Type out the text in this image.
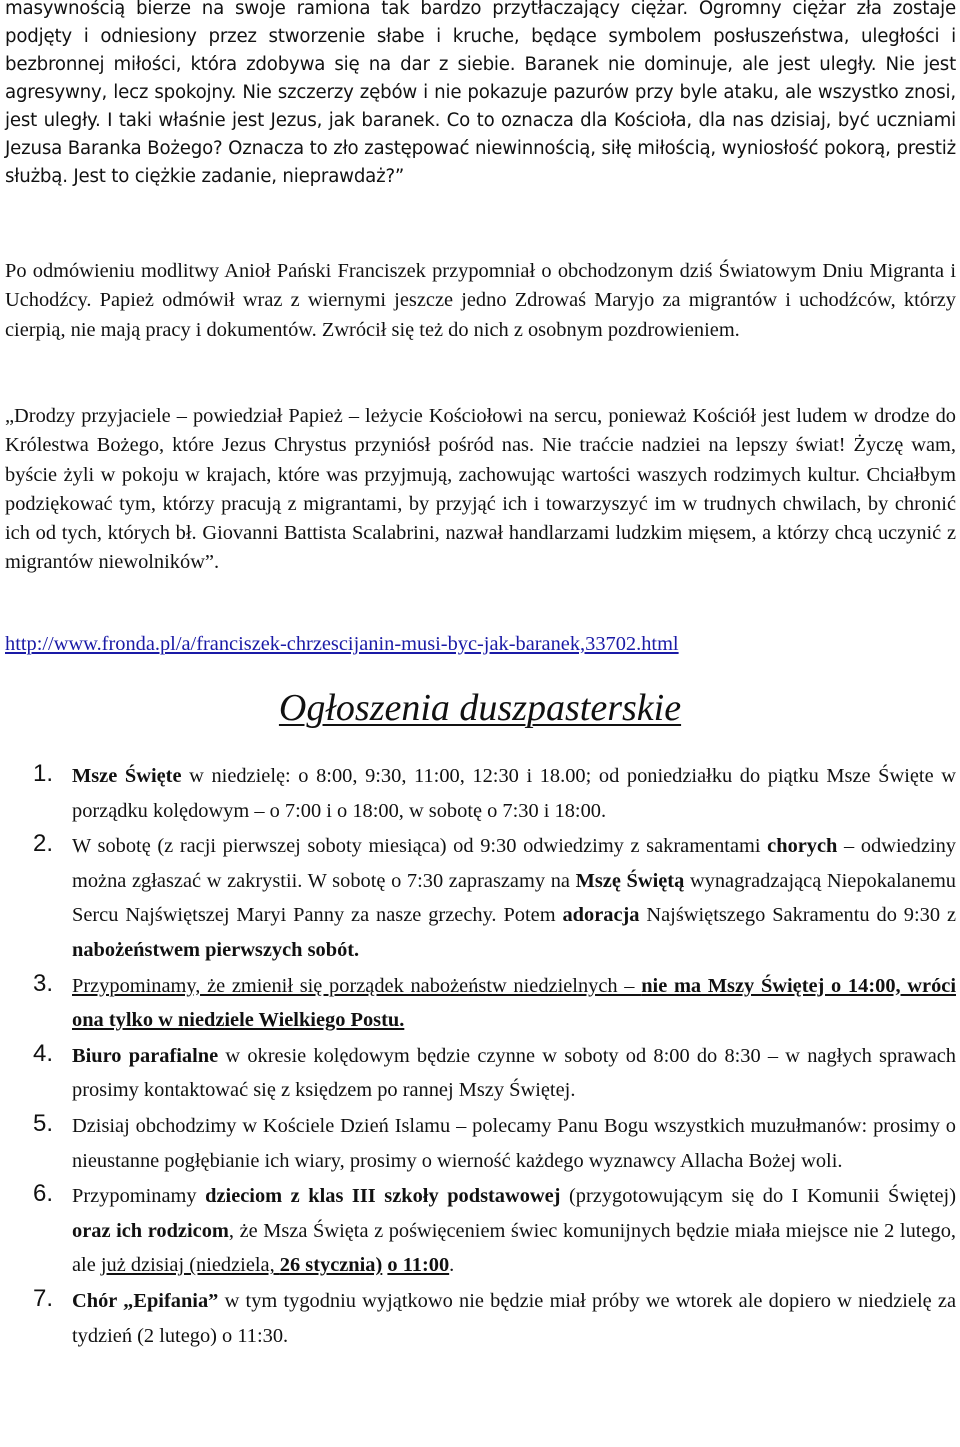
masywnością bierze na swoje ramiona tak bardzo przytłaczający ciężar. Ogromny ciężar zła zostaje podjęty i odniesiony przez stworzenie słabe i kruche, będące symbolem posłuszeństwa, uległości i bezbronnej miłości, która zdobywa się na dar z siebie. Baranek nie dominuje, ale jest uległy. Nie jest agresywny, lecz spokojny. Nie szczerzy zębów i nie pokazuje pazurów przy byle ataku, ale wszystko znosi, jest uległy. I taki właśnie jest Jezus, jak baranek. Co to oznacza dla Kościoła, dla nas dzisiaj, być uczniami Jezusa Baranka Bożego? Oznacza to zło zastępować niewinnością, siłę miłością, wyniosłość pokorą, prestiż służbą. Jest to ciężkie zadanie, nieprawdaż?”

Po odmówieniu modlitwy Anioł Pański Franciszek przypomniał o obchodzonym dziś Światowym Dniu Migranta i Uchodźcy. Papież odmówił wraz z wiernymi jeszcze jedno Zdrowaś Maryjo za migrantów i uchodźców, którzy cierpią, nie mają pracy i dokumentów. Zwrócił się też do nich z osobnym pozdrowieniem.

„Drodzy przyjaciele – powiedział Papież – leżycie Kościołowi na sercu, ponieważ Kościół jest ludem w drodze do Królestwa Bożego, które Jezus Chrystus przyniósł pośród nas. Nie traćcie nadziei na lepszy świat! Życzę wam, byście żyli w pokoju w krajach, które was przyjmują, zachowując wartości waszych rodzimych kultur. Chciałbym podziękować tym, którzy pracują z migrantami, by przyjąć ich i towarzyszyć im w trudnych chwilach, by chronić ich od tych, których bł. Giovanni Battista Scalabrini, nazwał handlarzami ludzkim mięsem, a którzy chcą uczynić z migrantów niewolników”.

http://www.fronda.pl/a/franciszek-chrzescijanin-musi-byc-jak-baranek,33702.html

Ogłoszenia duszpasterskie
1. Msze Święte w niedzielę: o 8:00, 9:30, 11:00, 12:30 i 18.00; od poniedziałku do piątku Msze Święte w porządku kolędowym – o 7:00 i o 18:00, w sobotę o 7:30 i 18:00.
2. W sobotę (z racji pierwszej soboty miesiąca) od 9:30 odwiedzimy z sakramentami chorych – odwiedziny można zgłaszać w zakrystii. W sobotę o 7:30 zapraszamy na Mszę Świętą wynagradzającą Niepokalanemu Sercu Najświętszej Maryi Panny za nasze grzechy. Potem adoracja Najświętszego Sakramentu do 9:30 z nabożeństwem pierwszych sobót.
3. Przypominamy, że zmienił się porządek nabożeństw niedzielnych – nie ma Mszy Świętej o 14:00, wróci ona tylko w niedziele Wielkiego Postu.
4. Biuro parafialne w okresie kolędowym będzie czynne w soboty od 8:00 do 8:30 – w nagłych sprawach prosimy kontaktować się z księdzem po rannej Mszy Świętej.
5. Dzisiaj obchodzimy w Kościele Dzień Islamu – polecamy Panu Bogu wszystkich muzułmanów: prosimy o nieustanne pogłębianie ich wiary, prosimy o wierność każdego wyznawcy Allacha Bożej woli.
6. Przypominamy dzieciom z klas III szkoły podstawowej (przygotowującym się do I Komunii Świętej) oraz ich rodzicom, że Msza Święta z poświęceniem świec komunijnych będzie miała miejsce nie 2 lutego, ale już dzisiaj (niedziela, 26 stycznia) o 11:00.
7. Chór „Epifania” w tym tygodniu wyjątkowo nie będzie miał próby we wtorek ale dopiero w niedzielę za tydzień (2 lutego) o 11:30.
